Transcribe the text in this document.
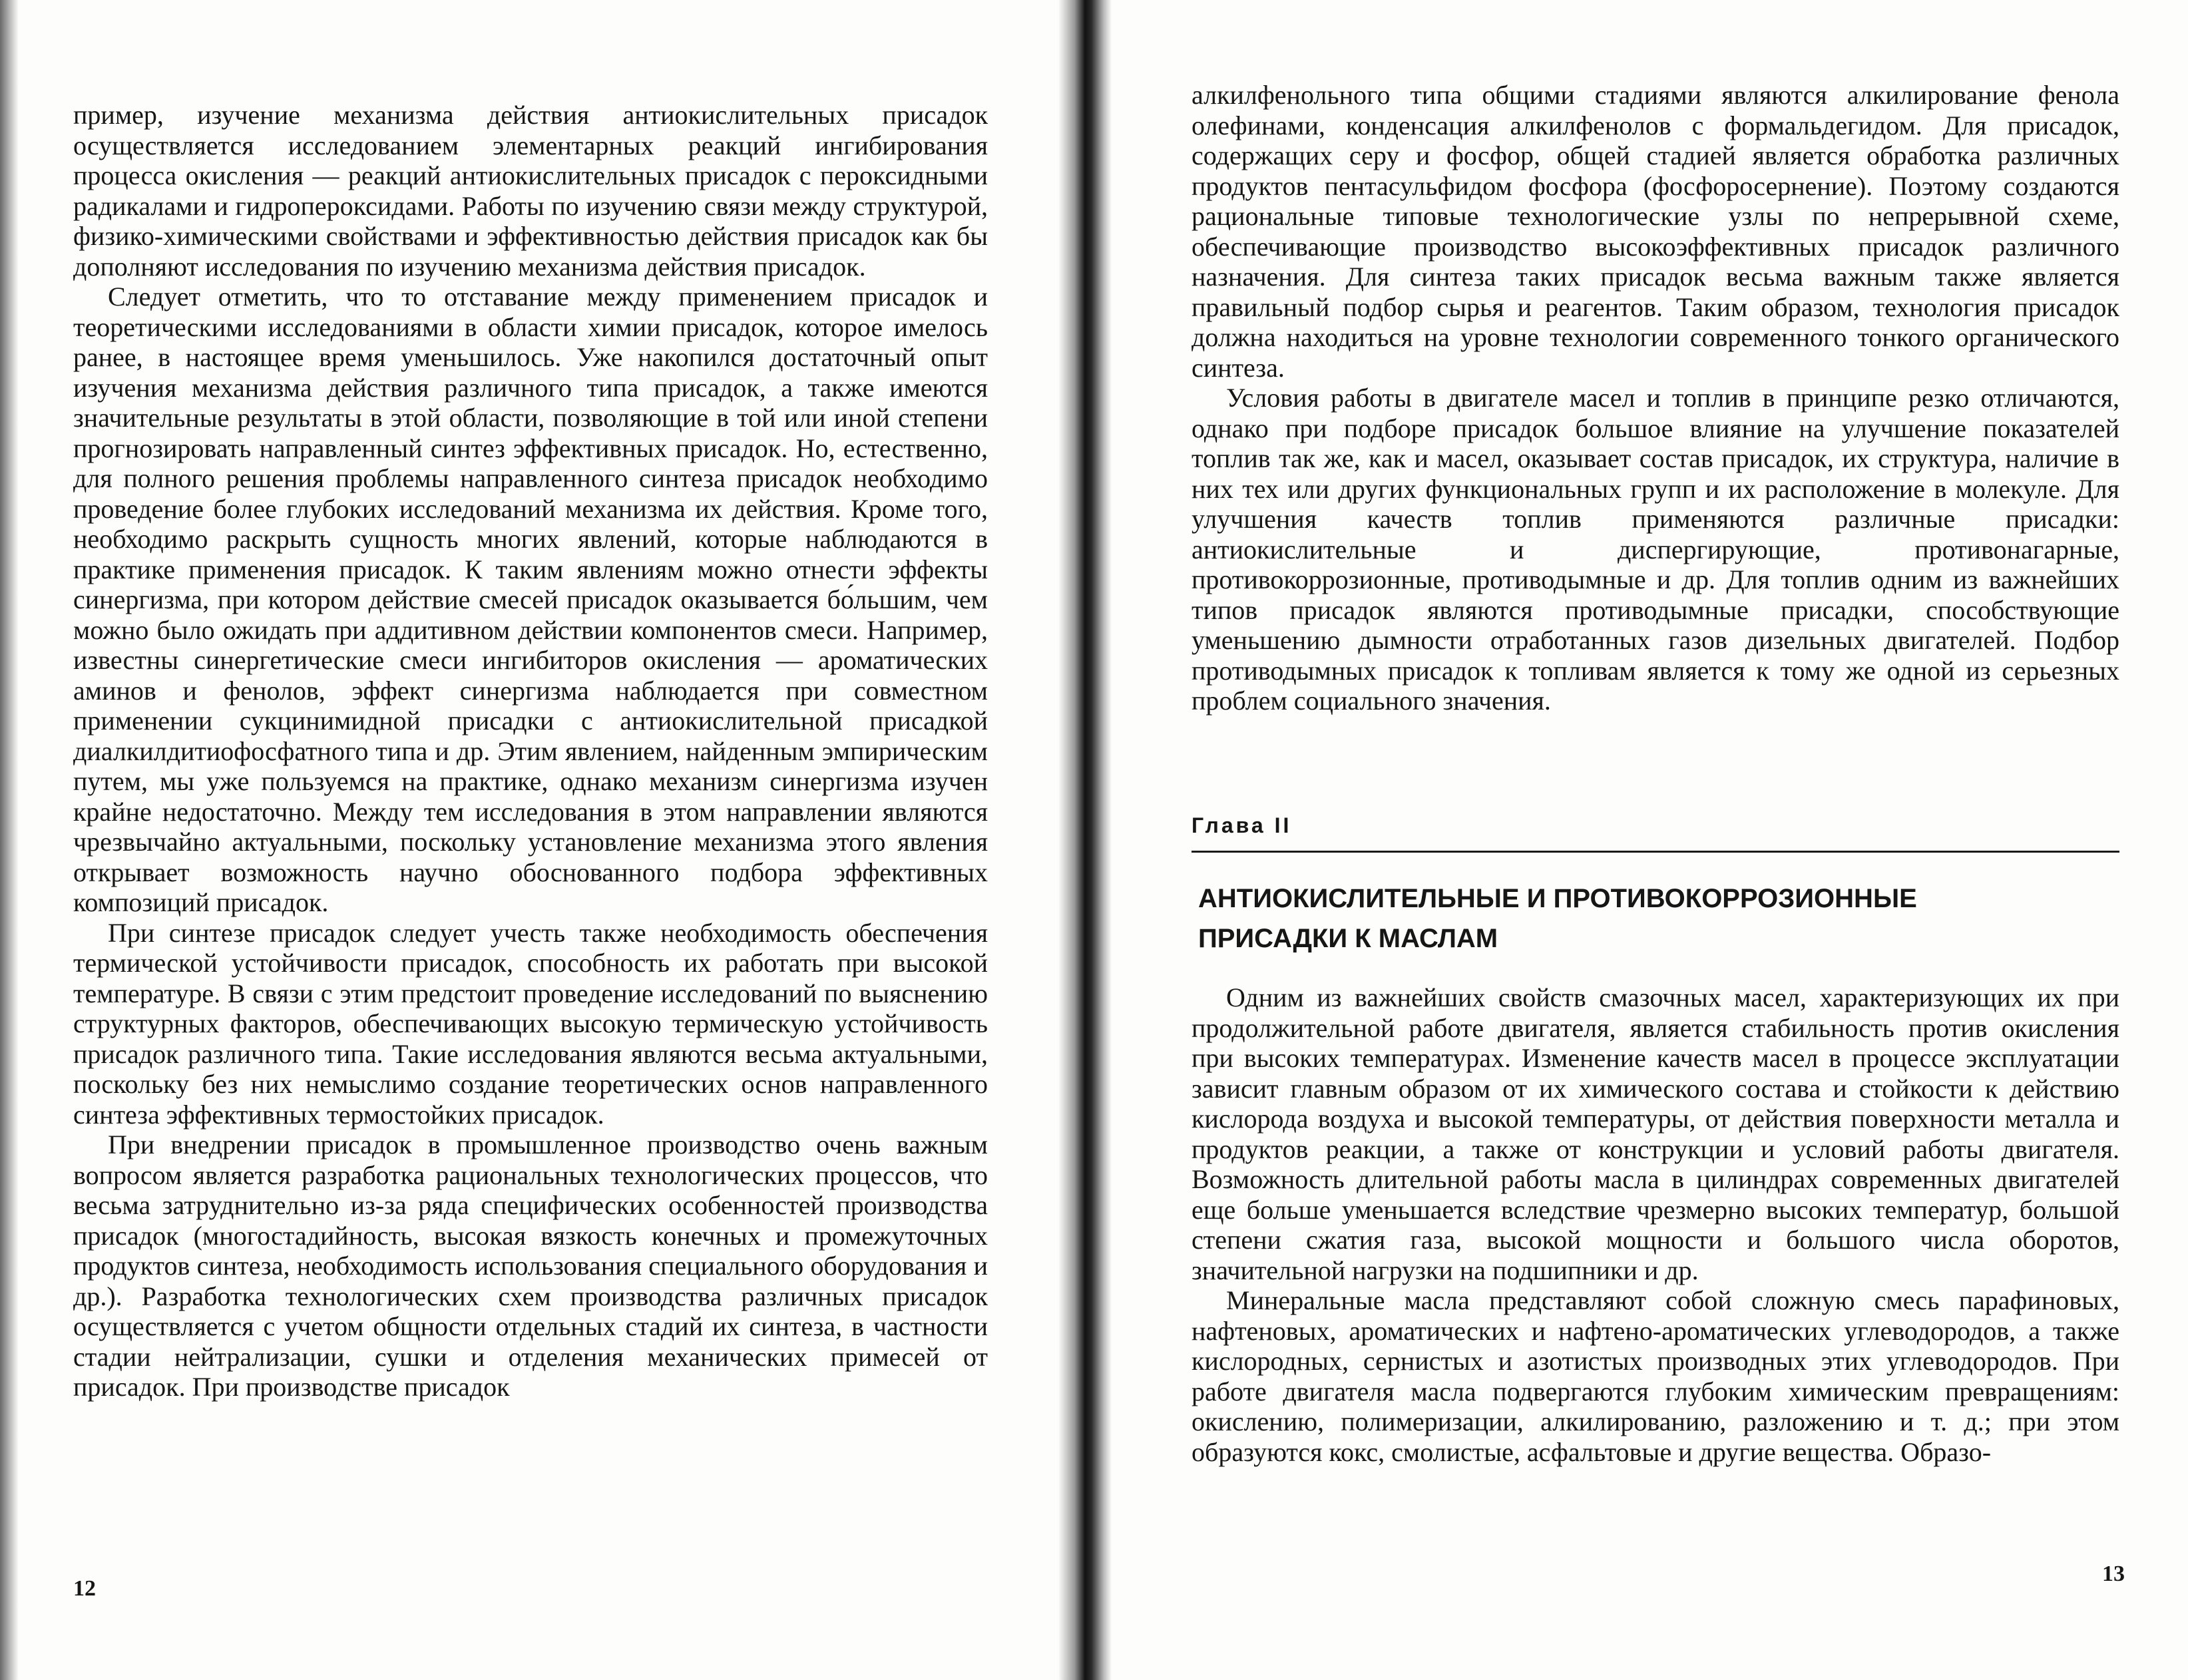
пример, изучение механизма действия антиокислительных присадок осуществляется исследованием элементарных реакций ингибирования процесса окисления — реакций антиокислительных присадок с пероксидными радикалами и гидропероксидами. Работы по изучению связи между структурой, физико-химическими свойствами и эффективностью действия присадок как бы дополняют исследования по изучению механизма действия присадок.

Следует отметить, что то отставание между применением присадок и теоретическими исследованиями в области химии присадок, которое имелось ранее, в настоящее время уменьшилось. Уже накопился достаточный опыт изучения механизма действия различного типа присадок, а также имеются значительные результаты в этой области, позволяющие в той или иной степени прогнозировать направленный синтез эффективных присадок. Но, естественно, для полного решения проблемы направленного синтеза присадок необходимо проведение более глубоких исследований механизма их действия. Кроме того, необходимо раскрыть сущность многих явлений, которые наблюдаются в практике применения присадок. К таким явлениям можно отнести эффекты синергизма, при котором действие смесей присадок оказывается бо́льшим, чем можно было ожидать при аддитивном действии компонентов смеси. Например, известны синергетические смеси ингибиторов окисления — ароматических аминов и фенолов, эффект синергизма наблюдается при совместном применении сукцинимидной присадки с антиокислительной присадкой диалкилдитиофосфатного типа и др. Этим явлением, найденным эмпирическим путем, мы уже пользуемся на практике, однако механизм синергизма изучен крайне недостаточно. Между тем исследования в этом направлении являются чрезвычайно актуальными, поскольку установление механизма этого явления открывает возможность научно обоснованного подбора эффективных композиций присадок.

При синтезе присадок следует учесть также необходимость обеспечения термической устойчивости присадок, способность их работать при высокой температуре. В связи с этим предстоит проведение исследований по выяснению структурных факторов, обеспечивающих высокую термическую устойчивость присадок различного типа. Такие исследования являются весьма актуальными, поскольку без них немыслимо создание теоретических основ направленного синтеза эффективных термостойких присадок.

При внедрении присадок в промышленное производство очень важным вопросом является разработка рациональных технологических процессов, что весьма затруднительно из-за ряда специфических особенностей производства присадок (многостадийность, высокая вязкость конечных и промежуточных продуктов синтеза, необходимость использования специального оборудования и др.). Разработка технологических схем производства различных присадок осуществляется с учетом общности отдельных стадий их синтеза, в частности стадии нейтрализации, сушки и отделения механических примесей от присадок. При производстве присадок

12

алкилфенольного типа общими стадиями являются алкилирование фенола олефинами, конденсация алкилфенолов с формальдегидом. Для присадок, содержащих серу и фосфор, общей стадией является обработка различных продуктов пентасульфидом фосфора (фосфоросернение). Поэтому создаются рациональные типовые технологические узлы по непрерывной схеме, обеспечивающие производство высокоэффективных присадок различного назначения. Для синтеза таких присадок весьма важным также является правильный подбор сырья и реагентов. Таким образом, технология присадок должна находиться на уровне технологии современного тонкого органического синтеза.

Условия работы в двигателе масел и топлив в принципе резко отличаются, однако при подборе присадок большое влияние на улучшение показателей топлив так же, как и масел, оказывает состав присадок, их структура, наличие в них тех или других функциональных групп и их расположение в молекуле. Для улучшения качеств топлив применяются различные присадки: антиокислительные и диспергирующие, противонагарные, противокоррозионные, противодымные и др. Для топлив одним из важнейших типов присадок являются противодымные присадки, способствующие уменьшению дымности отработанных газов дизельных двигателей. Подбор противодымных присадок к топливам является к тому же одной из серьезных проблем социального значения.

Глава II
АНТИОКИСЛИТЕЛЬНЫЕ И ПРОТИВОКОРРОЗИОННЫЕ
ПРИСАДКИ К МАСЛАМ

Одним из важнейших свойств смазочных масел, характеризующих их при продолжительной работе двигателя, является стабильность против окисления при высоких температурах. Изменение качеств масел в процессе эксплуатации зависит главным образом от их химического состава и стойкости к действию кислорода воздуха и высокой температуры, от действия поверхности металла и продуктов реакции, а также от конструкции и условий работы двигателя. Возможность длительной работы масла в цилиндрах современных двигателей еще больше уменьшается вследствие чрезмерно высоких температур, большой степени сжатия газа, высокой мощности и большого числа оборотов, значительной нагрузки на подшипники и др.

Минеральные масла представляют собой сложную смесь парафиновых, нафтеновых, ароматических и нафтено-ароматических углеводородов, а также кислородных, сернистых и азотистых производных этих углеводородов. При работе двигателя масла подвергаются глубоким химическим превращениям: окислению, полимеризации, алкилированию, разложению и т. д.; при этом образуются кокс, смолистые, асфальтовые и другие вещества. Образо-

13
